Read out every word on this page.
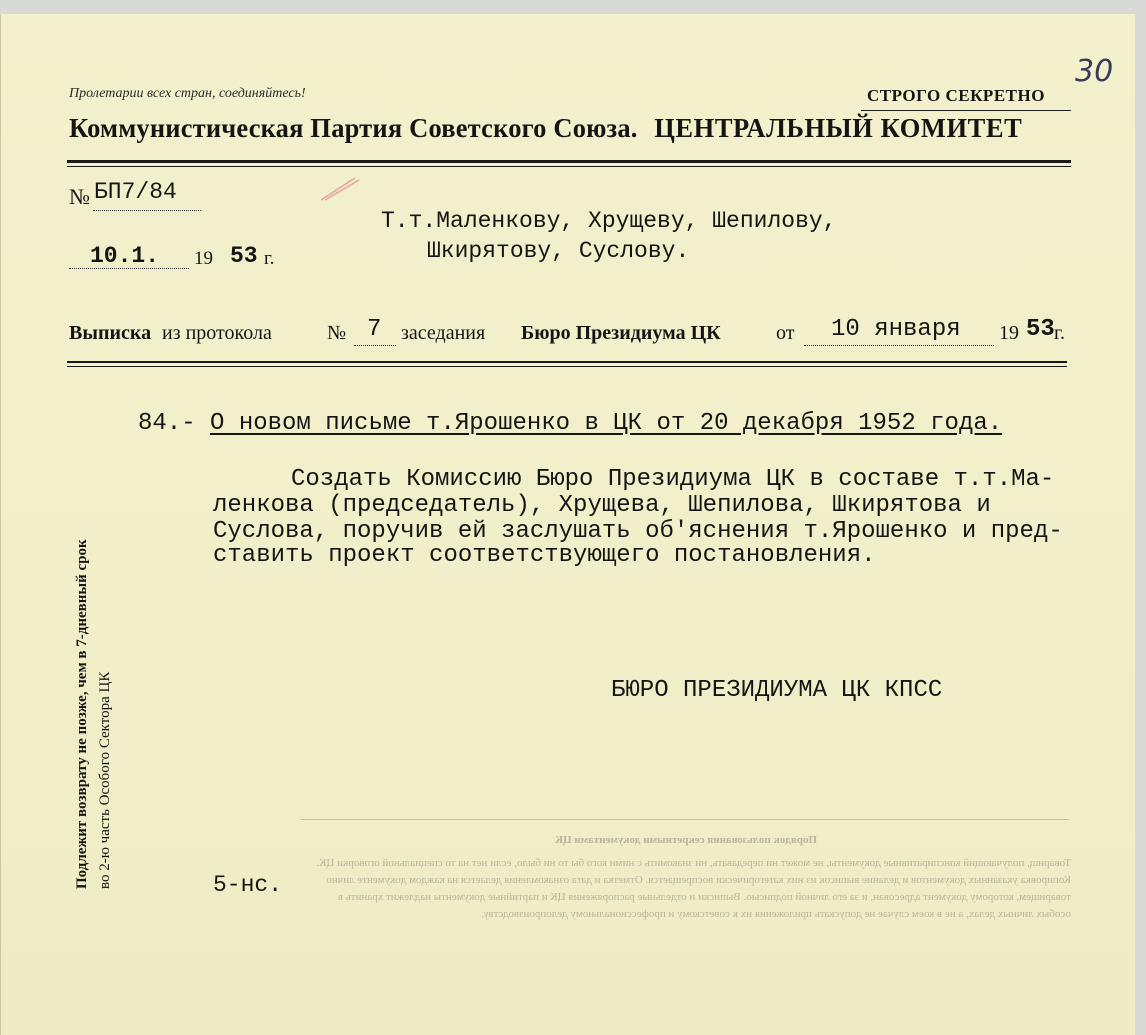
30
Пролетарии всех стран, соединяйтесь!	СТРОГО СЕКРЕТНО
Коммунистическая Партия Советского Союза. ЦЕНТРАЛЬНЫЙ КОМИТЕТ
№ БП7/84
10.1. 19 53 г.
Т.т.Маленкову, Хрущеву, Шепилову,
Шкирятову, Суслову.
Выписка из протокола	№ 7 заседания Бюро Президиума ЦК	от 10 января 19 53 г.
84.- О новом письме т.Ярошенко в ЦК от 20 декабря 1952 года.
Создать Комиссию Бюро Президиума ЦК в составе т.т.Ма-
ленкова (председатель), Хрущева, Шепилова, Шкирятова и
Суслова, поручив ей заслушать об'яснения т.Ярошенко и пред-
ставить проект соответствующего постановления.
БЮРО ПРЕЗИДИУМА ЦК КПСС
Подлежит возврату не позже, чем в 7-дневный срок во 2-ю часть Особого Сектора ЦК	Порядок пользования секретными документами ЦК
Товарищ, получающий конспиративные документы, не может ни передавать, ни знакомить с ними кого бы то ни было, если нет на то специальной оговорки ЦК. Копировка указанных документов и делание выписок из них категорически воспрещается. Отметка и дата ознакомления делается на каждом документе лично товарищем, которому документ адресован, и за его личной подписью. Выписки и отдельные распоряжения ЦК и партийные документы надлежит хранить в особых личных делах, а не в коем случае не допускать приложения их к советскому и профессиональному делопроизводству.
5-нс.
